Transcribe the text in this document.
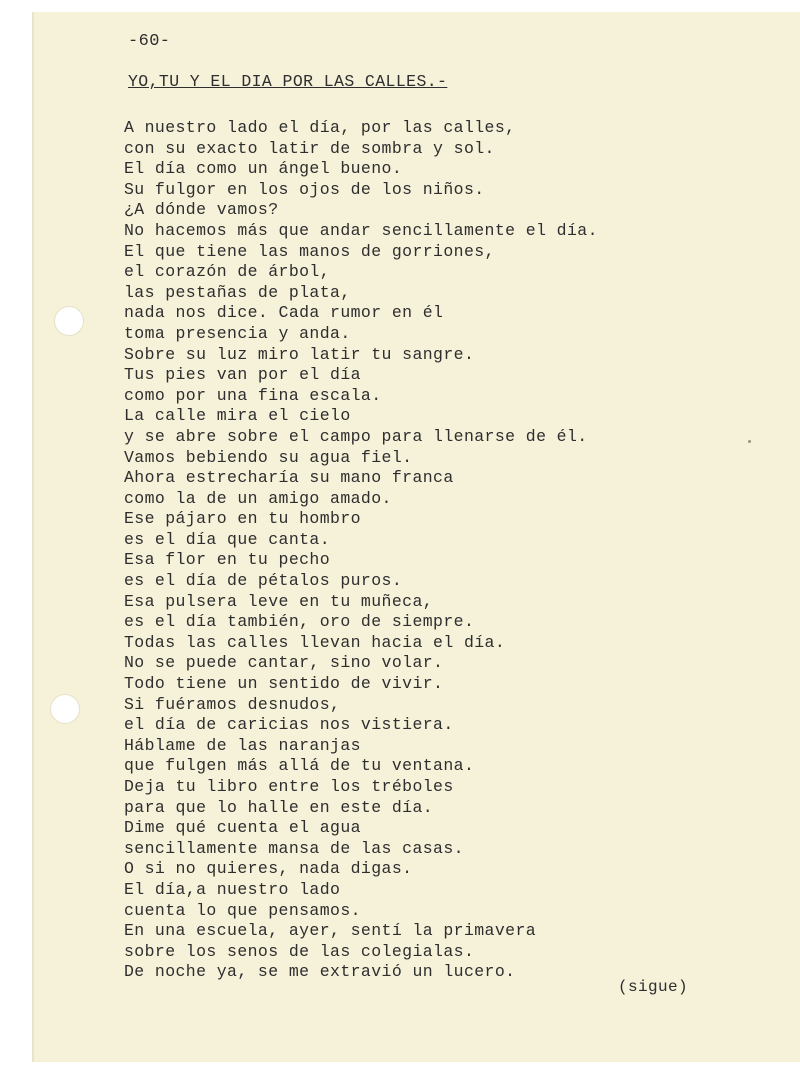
-60-
YO,TU Y EL DIA POR LAS CALLES.-
A nuestro lado el día, por las calles,
con su exacto latir de sombra y sol.
El día como un ángel bueno.
Su fulgor en los ojos de los niños.
¿A dónde vamos?
No hacemos más que andar sencillamente el día.
El que tiene las manos de gorriones,
el corazón de árbol,
las pestañas de plata,
nada nos dice. Cada rumor en él
toma presencia y anda.
Sobre su luz miro latir tu sangre.
Tus pies van por el día
como por una fina escala.
La calle mira el cielo
y se abre sobre el campo para llenarse de él.
Vamos bebiendo su agua fiel.
Ahora estrecharía su mano franca
como la de un amigo amado.
Ese pájaro en tu hombro
es el día que canta.
Esa flor en tu pecho
es el día de pétalos puros.
Esa pulsera leve en tu muñeca,
es el día también, oro de siempre.
Todas las calles llevan hacia el día.
No se puede cantar, sino volar.
Todo tiene un sentido de vivir.
Si fuéramos desnudos,
el día de caricias nos vistiera.
Háblame de las naranjas
que fulgen más allá de tu ventana.
Deja tu libro entre los tréboles
para que lo halle en este día.
Dime qué cuenta el agua
sencillamente mansa de las casas.
O si no quieres, nada digas.
El día,a nuestro lado
cuenta lo que pensamos.
En una escuela, ayer, sentí la primavera
sobre los senos de las colegialas.
De noche ya, se me extravió un lucero.
(sigue)
